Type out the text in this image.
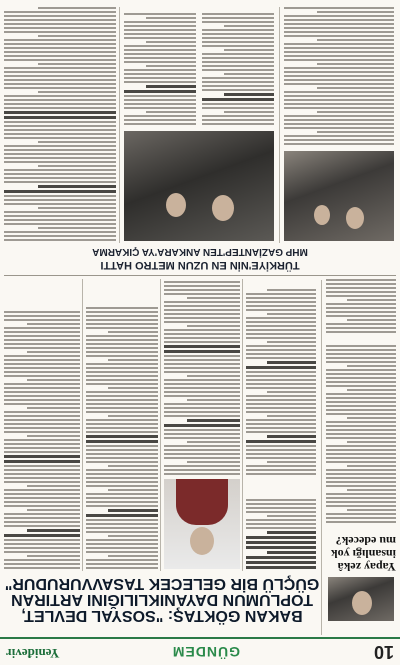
10
GÜNDEM
Yeniđevir
Yapay zekâ insanlığı yok mu edecek?
BAKAN GÖKTAŞ: "SOSYAL DEVLET,
TOPLUMUN DAYANIKLILIĞINI ARTIRAN
GÜÇLÜ BİR GELECEK TASAVVURUDUR"
TÜRKİYE'NİN EN UZUN METRO HATTI
MHP GAZİANTEP'TEN ANKARA'YA ÇIKARMA
